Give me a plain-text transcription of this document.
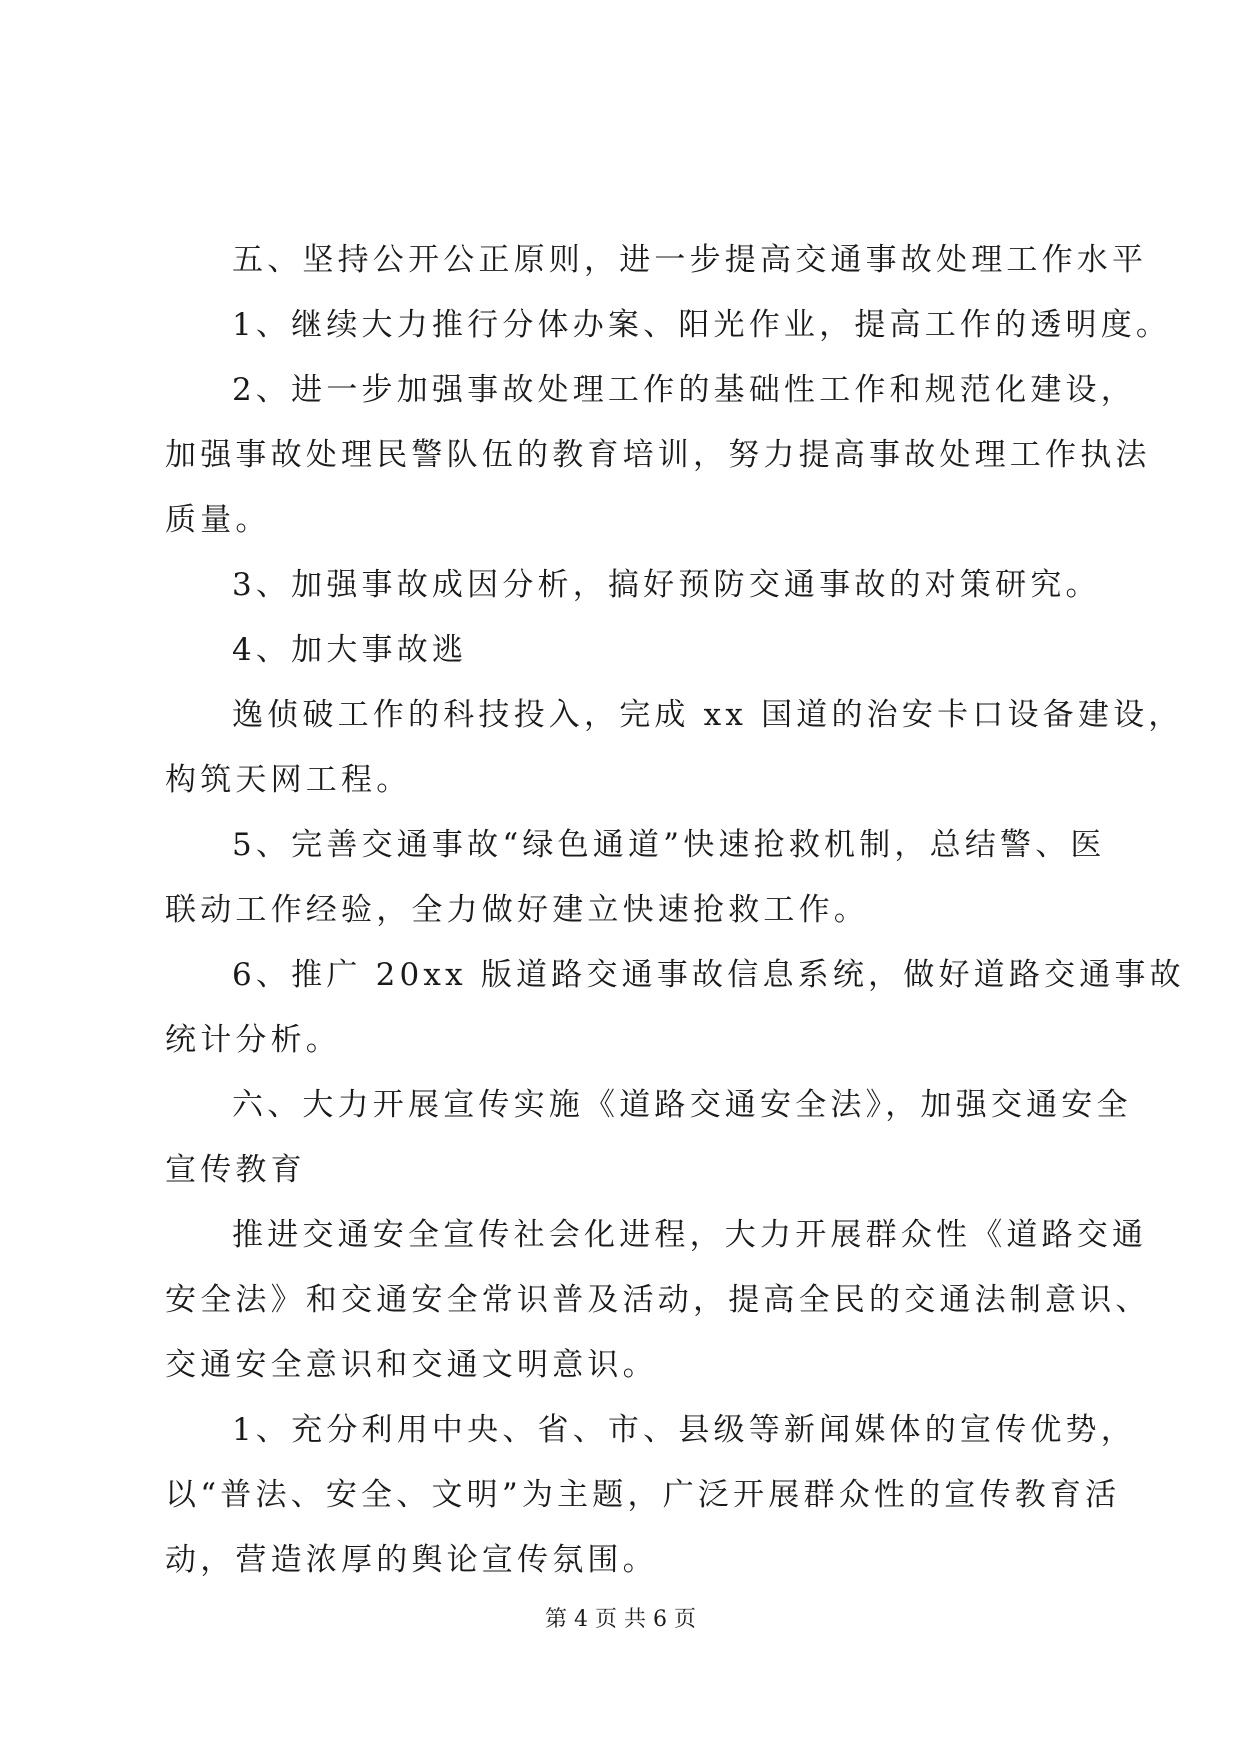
五、坚持公开公正原则，进一步提高交通事故处理工作水平
1、继续大力推行分体办案、阳光作业，提高工作的透明度。
2、进一步加强事故处理工作的基础性工作和规范化建设，
加强事故处理民警队伍的教育培训，努力提高事故处理工作执法
质量。
3、加强事故成因分析，搞好预防交通事故的对策研究。
4、加大事故逃
逸侦破工作的科技投入，完成 xx 国道的治安卡口设备建设，
构筑天网工程。
5、完善交通事故“绿色通道”快速抢救机制，总结警、医
联动工作经验，全力做好建立快速抢救工作。
6、推广 20xx 版道路交通事故信息系统，做好道路交通事故
统计分析。
六、大力开展宣传实施《道路交通安全法》，加强交通安全
宣传教育
推进交通安全宣传社会化进程，大力开展群众性《道路交通
安全法》和交通安全常识普及活动，提高全民的交通法制意识、
交通安全意识和交通文明意识。
1、充分利用中央、省、市、县级等新闻媒体的宣传优势，
以“普法、安全、文明”为主题，广泛开展群众性的宣传教育活
动，营造浓厚的舆论宣传氛围。
第 4 页 共 6 页
